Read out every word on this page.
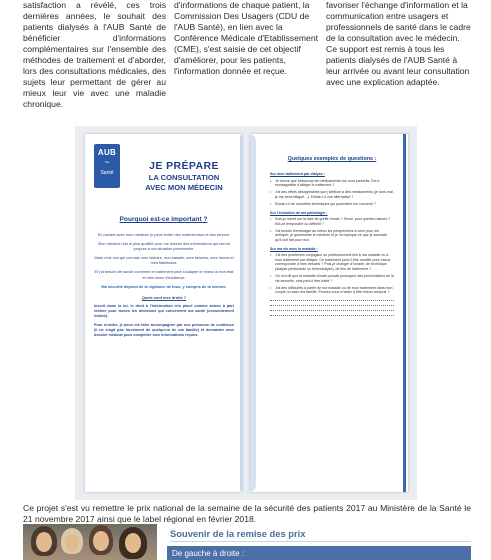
satisfaction a révélé, ces trois dernières années, le souhait des patients dialysés à l'AUB Santé de bénéficier d'informations complémentaires sur l'ensemble des méthodes de traitement et d'aborder, lors des consultations médicales, des sujets leur permettant de gérer au mieux leur vie avec une maladie chronique.

d'informations de chaque patient, la Commission Des Usagers (CDU de l'AUB Santé), en lien avec la Conférence Médicale d'Etablissement (CME), s'est saisie de cet objectif d'améliorer, pour les patients, l'information donnée et reçue.

favoriser l'échange d'information et la communication entre usagers et professionnels de santé dans le cadre de la consultation avec le médecin. Ce support est remis à tous les patients dialysés de l'AUB Santé à leur arrivée ou avant leur consultation avec une explication adaptée.

AUB
~
Santé
JE PRÉPARE
LA CONSULTATION
AVEC MON MÉDECIN
Pourquoi est-ce important ?

En parlant avec mon médecin je peux éviter des malentendus et des erreurs.

Mon médecin est le plus qualifié pour me donner des informations qui seront propres à ma situation personnelle.

Mais c'est moi qui connais mon histoire, ma maladie, mes besoins, mes forces et mes faiblesses.

Et j'ai besoin de savoir comment le traitement peut s'adapter le mieux à mon état et mes choix d'existence.

Ma sécurité dépend de la vigilance de tous, y compris de la mienne.

Quels sont mes droits ?

Inscrit dans la loi, le droit à l'information m'a placé comme acteur à part entière pour toutes les décisions qui concernent ma santé (consentement éclairé).

Pour m'aider, je peux me faire accompagner par une personne de confiance (il ne s'agit pas forcément de quelqu'un de ma famille) et demander mon dossier médical pour compléter mes informations reçues.

Quelques exemples de questions :
Sur mon traitement par dialyse :
• Je trouve que beaucoup de médicaments me sont prescrits. Est-il envisageable d'alléger le traitement ?
• J'ai des effets désagréables que j'attribue à des médicaments (je dors mal, je me sens fatigué…). Existe-t-il une alternative ?
• Existe-t-il de nouvelles techniques qui pourraient me convenir ?
Sur l'évolution de ma pathologie :
• Suis-je inscrit sur la liste de greffe rénale ? Sinon, pour quelles raisons ? Est-ce temporaire ou définitif ?
• J'ai besoin d'envisager au mieux les perspectives à venir pour les anticiper, je questionne le médecin et je lui explique ce que je souhaite qu'il soit fait pour moi.
Sur ma vie avec la maladie :
• J'ai des problèmes conjugaux ou professionnels liés à ma maladie ou à mon traitement par dialyse. Ce traitement peut-il être modifié pour mieux correspondre à mes besoins ? Puis-je changer d'horaire, de technique (dialyse péritonéale ou hémodialyse), de lieu de traitement ?
• On m'a dit que la maladie rénale pouvait provoquer des perturbations de la vie sexuelle, cela peut-il être traité ?
• J'ai des difficultés à parler de ma maladie ou de mon traitement dans mon couple ou avec ma famille. Pouvez-vous m'aider à être mieux compris ?

Ce projet s'est vu remettre le prix national de la semaine de la sécurité des patients 2017 au Ministère de la Santé le 21 novembre 2017 ainsi que le label régional en février 2018.

Souvenir de la remise des prix
De gauche à droite :
